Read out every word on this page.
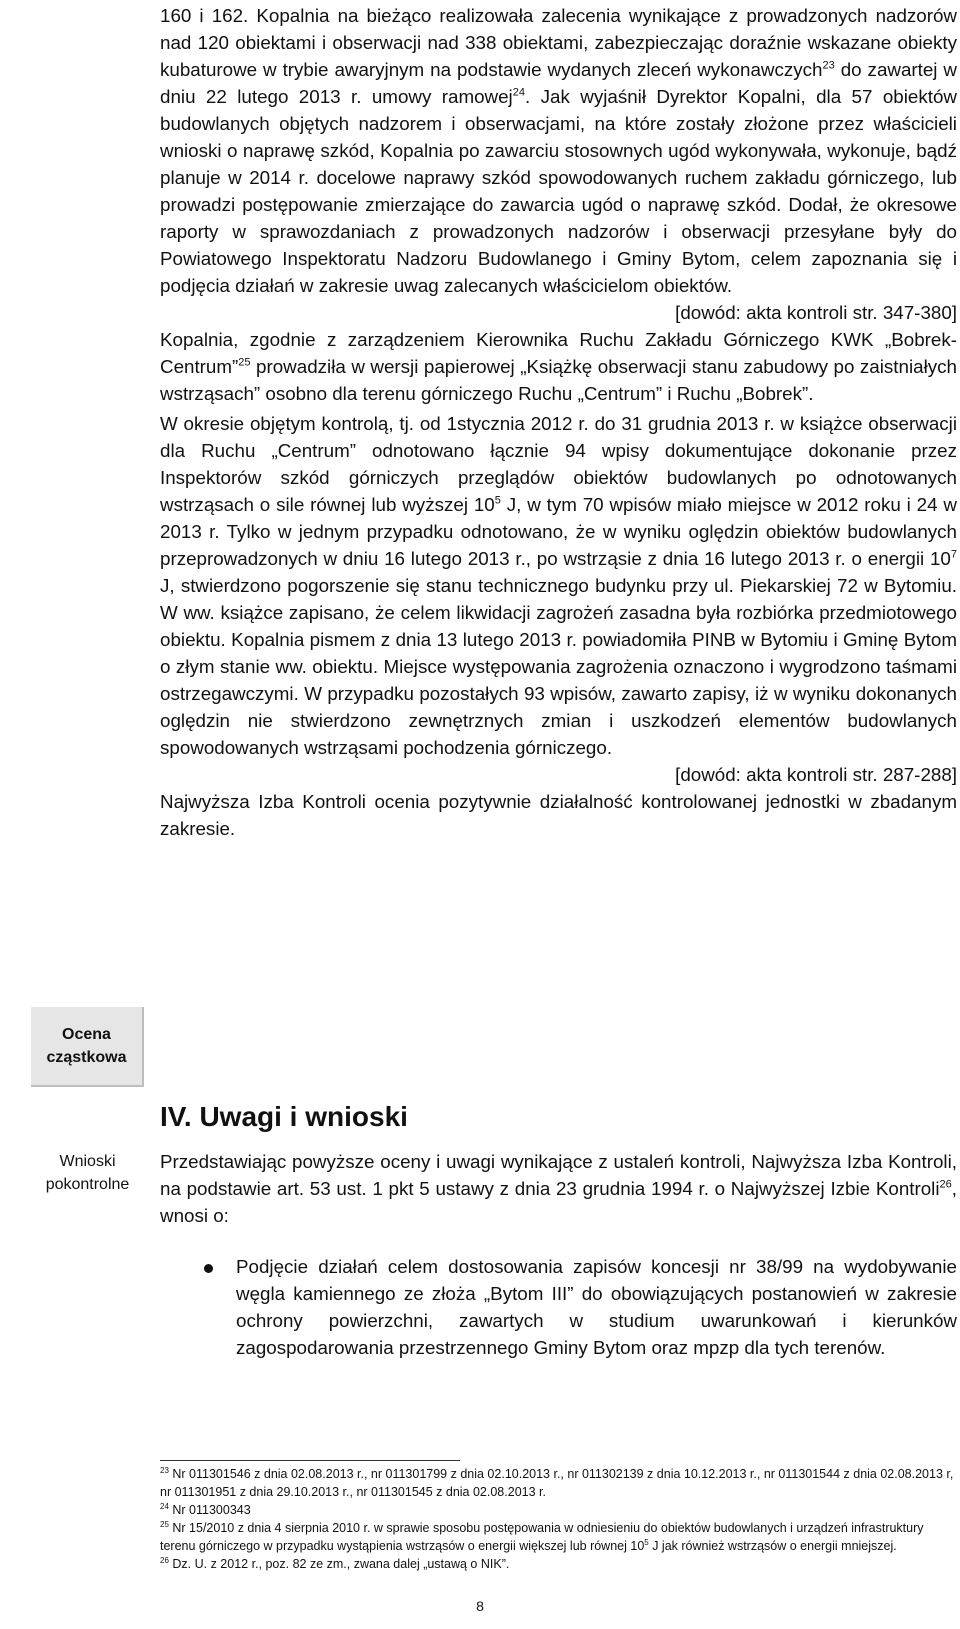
160 i 162. Kopalnia na bieżąco realizowała zalecenia wynikające z prowadzonych nadzorów nad 120 obiektami i obserwacji nad 338 obiektami, zabezpieczając doraźnie wskazane obiekty kubaturowe w trybie awaryjnym na podstawie wydanych zleceń wykonawczych$^{23}$ do zawartej w dniu 22 lutego 2013 r. umowy ramowej$^{24}$. Jak wyjaśnił Dyrektor Kopalni, dla 57 obiektów budowlanych objętych nadzorem i obserwacjami, na które zostały złożone przez właścicieli wnioski o naprawę szkód, Kopalnia po zawarciu stosownych ugód wykonywała, wykonuje, bądź planuje w 2014 r. docelowe naprawy szkód spowodowanych ruchem zakładu górniczego, lub prowadzi postępowanie zmierzające do zawarcia ugód o naprawę szkód. Dodał, że okresowe raporty w sprawozdaniach z prowadzonych nadzorów i obserwacji przesyłane były do Powiatowego Inspektoratu Nadzoru Budowlanego i Gminy Bytom, celem zapoznania się i podjęcia działań w zakresie uwag zalecanych właścicielom obiektów.

[dowód: akta kontroli str. 347-380]

Kopalnia, zgodnie z zarządzeniem Kierownika Ruchu Zakładu Górniczego KWK „Bobrek-Centrum”$^{25}$ prowadziła w wersji papierowej „Książkę obserwacji stanu zabudowy po zaistniałych wstrząsach” osobno dla terenu górniczego Ruchu „Centrum” i Ruchu „Bobrek”.

W okresie objętym kontrolą, tj. od 1stycznia 2012 r. do 31 grudnia 2013 r. w książce obserwacji dla Ruchu „Centrum” odnotowano łącznie 94 wpisy dokumentujące dokonanie przez Inspektorów szkód górniczych przeglądów obiektów budowlanych po odnotowanych wstrząsach o sile równej lub wyższej $10^5$ J, w tym 70 wpisów miało miejsce w 2012 roku i 24 w 2013 r. Tylko w jednym przypadku odnotowano, że w wyniku oględzin obiektów budowlanych przeprowadzonych w dniu 16 lutego 2013 r., po wstrząsie z dnia 16 lutego 2013 r. o energii $10^7$ J, stwierdzono pogorszenie się stanu technicznego budynku przy ul. Piekarskiej 72 w Bytomiu. W ww. książce zapisano, że celem likwidacji zagrożeń zasadna była rozbiórka przedmiotowego obiektu. Kopalnia pismem z dnia 13 lutego 2013 r. powiadomiła PINB w Bytomiu i Gminę Bytom o złym stanie ww. obiektu. Miejsce występowania zagrożenia oznaczono i wygrodzono taśmami ostrzegawczymi. W przypadku pozostałych 93 wpisów, zawarto zapisy, iż w wyniku dokonanych oględzin nie stwierdzono zewnętrznych zmian i uszkodzeń elementów budowlanych spowodowanych wstrząsami pochodzenia górniczego.

[dowód: akta kontroli str. 287-288]

Najwyższa Izba Kontroli ocenia pozytywnie działalność kontrolowanej jednostki w zbadanym zakresie.

Ocena cząstkowa
Wnioski pokontrolne
IV. Uwagi i wnioski

Przedstawiając powyższe oceny i uwagi wynikające z ustaleń kontroli, Najwyższa Izba Kontroli, na podstawie art. 53 ust. 1 pkt 5 ustawy z dnia 23 grudnia 1994 r. o Najwyższej Izbie Kontroli$^{26}$, wnosi o:

Podjęcie działań celem dostosowania zapisów koncesji nr 38/99 na wydobywanie węgla kamiennego ze złoża „Bytom III” do obowiązujących postanowień w zakresie ochrony powierzchni, zawartych w studium uwarunkowań i kierunków zagospodarowania przestrzennego Gminy Bytom oraz mpzp dla tych terenów.

$^{23}$ Nr 011301546 z dnia 02.08.2013 r., nr 011301799 z dnia 02.10.2013 r., nr 011302139 z dnia 10.12.2013 r., nr 011301544 z dnia 02.08.2013 r, nr 011301951 z dnia 29.10.2013 r., nr 011301545 z dnia 02.08.2013 r.

$^{24}$ Nr 011300343

$^{25}$ Nr 15/2010 z dnia 4 sierpnia 2010 r. w sprawie sposobu postępowania w odniesieniu do obiektów budowlanych i urządzeń infrastruktury terenu górniczego w przypadku wystąpienia wstrząsów o energii większej lub równej $10^5$ J jak również wstrząsów o energii mniejszej.

$^{26}$ Dz. U. z 2012 r., poz. 82 ze zm., zwana dalej „ustawą o NIK”.

8
